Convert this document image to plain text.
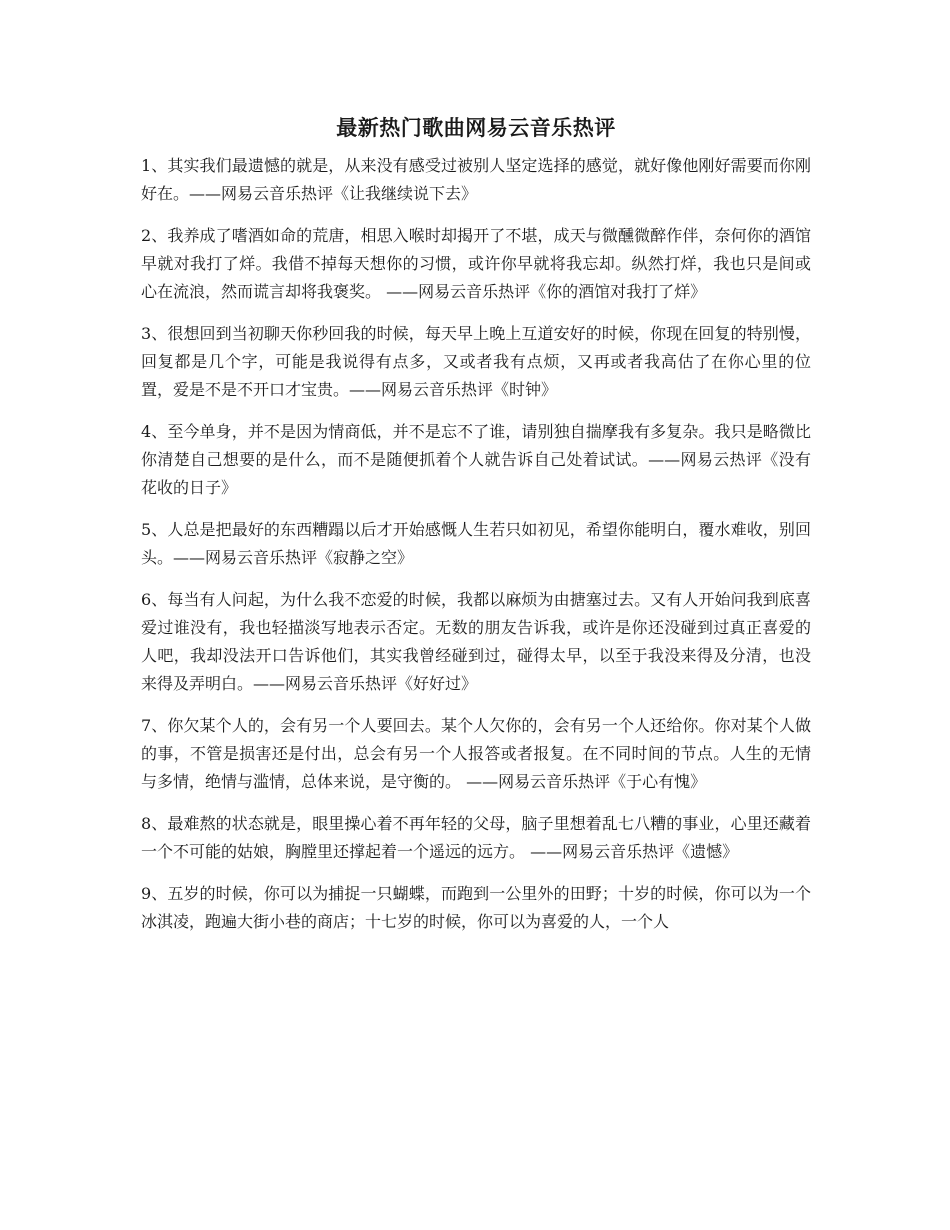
最新热门歌曲网易云音乐热评

1、其实我们最遗憾的就是，从来没有感受过被别人坚定选择的感觉，就好像他刚好需要而你刚好在。——网易云音乐热评《让我继续说下去》

2、我养成了嗜酒如命的荒唐，相思入喉时却揭开了不堪，成天与微醺微醉作伴，奈何你的酒馆早就对我打了烊。我借不掉每天想你的习惯，或许你早就将我忘却。纵然打烊，我也只是间或心在流浪，然而谎言却将我褒奖。 ——网易云音乐热评《你的酒馆对我打了烊》

3、很想回到当初聊天你秒回我的时候，每天早上晚上互道安好的时候，你现在回复的特别慢，回复都是几个字，可能是我说得有点多，又或者我有点烦，又再或者我高估了在你心里的位置，爱是不是不开口才宝贵。——网易云音乐热评《时钟》

4、至今单身，并不是因为情商低，并不是忘不了谁，请别独自揣摩我有多复杂。我只是略微比你清楚自己想要的是什么，而不是随便抓着个人就告诉自己处着试试。——网易云热评《没有花收的日子》

5、人总是把最好的东西糟蹋以后才开始感慨人生若只如初见，希望你能明白，覆水难收，别回头。——网易云音乐热评《寂静之空》

6、每当有人问起，为什么我不恋爱的时候，我都以麻烦为由搪塞过去。又有人开始问我到底喜爱过谁没有，我也轻描淡写地表示否定。无数的朋友告诉我，或许是你还没碰到过真正喜爱的人吧，我却没法开口告诉他们，其实我曾经碰到过，碰得太早，以至于我没来得及分清，也没来得及弄明白。——网易云音乐热评《好好过》

7、你欠某个人的，会有另一个人要回去。某个人欠你的，会有另一个人还给你。你对某个人做的事，不管是损害还是付出，总会有另一个人报答或者报复。在不同时间的节点。人生的无情与多情，绝情与滥情，总体来说，是守衡的。 ——网易云音乐热评《于心有愧》

8、最难熬的状态就是，眼里操心着不再年轻的父母，脑子里想着乱七八糟的事业，心里还藏着一个不可能的姑娘，胸膛里还撑起着一个遥远的远方。 ——网易云音乐热评《遗憾》

9、五岁的时候，你可以为捕捉一只蝴蝶，而跑到一公里外的田野；十岁的时候，你可以为一个冰淇凌，跑遍大街小巷的商店；十七岁的时候，你可以为喜爱的人，一个人
